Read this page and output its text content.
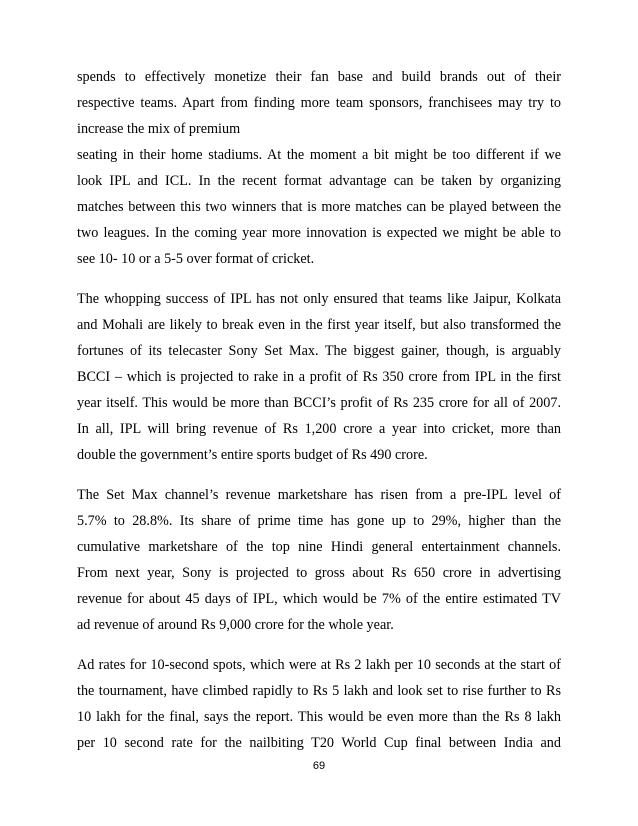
spends to effectively monetize their fan base and build brands out of their
respective teams. Apart from finding more team sponsors, franchisees may try to
increase the mix of premium
seating in their home stadiums. At the moment a bit might be too different if we
look IPL and ICL. In the recent format advantage can be taken by organizing
matches between this two winners that is more matches can be played between the
two leagues. In the coming year more innovation is expected we might be able to
see 10- 10 or a 5-5 over format of cricket.

The whopping success of IPL has not only ensured that teams like Jaipur, Kolkata
and Mohali are likely to break even in the first year itself, but also transformed the
fortunes of its telecaster Sony Set Max. The biggest gainer, though, is arguably
BCCI – which is projected to rake in a profit of Rs 350 crore from IPL in the first
year itself. This would be more than BCCI’s profit of Rs 235 crore for all of 2007.
In all, IPL will bring revenue of Rs 1,200 crore a year into cricket, more than
double the government’s entire sports budget of Rs 490 crore.

The Set Max channel’s revenue marketshare has risen from a pre-IPL level of
5.7% to 28.8%. Its share of prime time has gone up to 29%, higher than the
cumulative marketshare of the top nine Hindi general entertainment channels.
From next year, Sony is projected to gross about Rs 650 crore in advertising
revenue for about 45 days of IPL, which would be 7% of the entire estimated TV
ad revenue of around Rs 9,000 crore for the whole year.

Ad rates for 10-second spots, which were at Rs 2 lakh per 10 seconds at the start of
the tournament, have climbed rapidly to Rs 5 lakh and look set to rise further to Rs
10 lakh for the final, says the report. This would be even more than the Rs 8 lakh
per 10 second rate for the nailbiting T20 World Cup final between India and

69
